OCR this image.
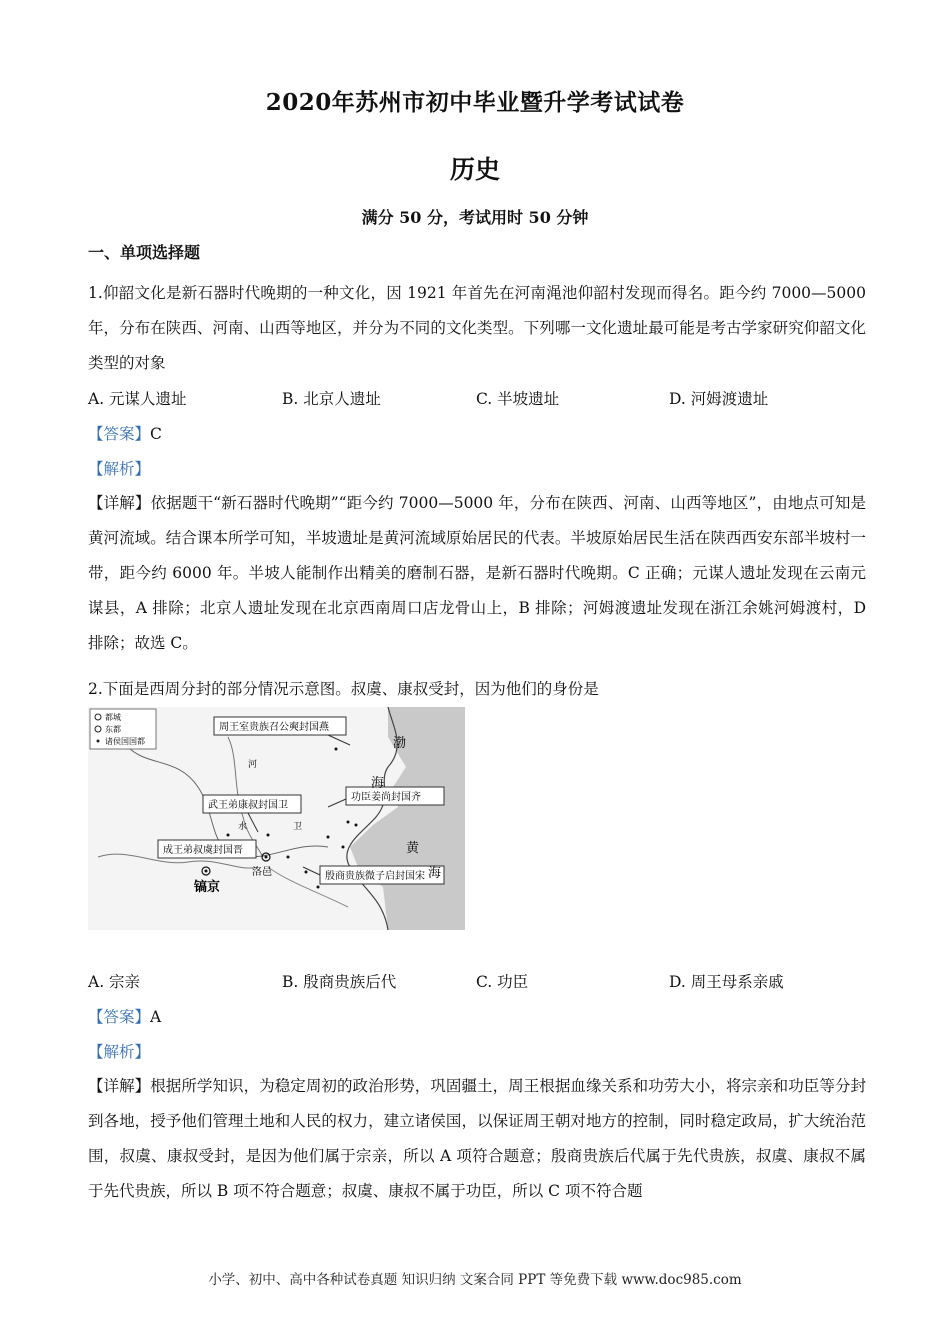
2020年苏州市初中毕业暨升学考试试卷
历史
满分 50 分，考试用时 50 分钟
一、单项选择题
1.仰韶文化是新石器时代晚期的一种文化，因 1921 年首先在河南渑池仰韶村发现而得名。距今约 7000—5000 年，分布在陕西、河南、山西等地区，并分为不同的文化类型。下列哪一文化遗址最可能是考古学家研究仰韶文化类型的对象
A. 元谋人遗址	B. 北京人遗址	C. 半坡遗址	D. 河姆渡遗址
【答案】C
【解析】
【详解】依据题干“新石器时代晚期”“距今约 7000—5000 年，分布在陕西、河南、山西等地区”，由地点可知是黄河流域。结合课本所学可知，半坡遗址是黄河流域原始居民的代表。半坡原始居民生活在陕西西安东部半坡村一带，距今约 6000 年。半坡人能制作出精美的磨制石器，是新石器时代晚期。C 正确；元谋人遗址发现在云南元谋县，A 排除；北京人遗址发现在北京西南周口店龙骨山上，B 排除；河姆渡遗址发现在浙江余姚河姆渡村，D 排除；故选 C。
2.下面是西周分封的部分情况示意图。叔虞、康叔受封，因为他们的身份是
都城
东都
诸侯国国都
周王室贵族召公奭封国燕
武王弟康叔封国卫
功臣姜尚封国齐
成王弟叔虞封国晋
殷商贵族微子启封国宋
洛邑
镐京
渤
海
黄
海
河
水	卫
A. 宗亲	B. 殷商贵族后代	C. 功臣	D. 周王母系亲戚
【答案】A
【解析】
【详解】根据所学知识，为稳定周初的政治形势，巩固疆土，周王根据血缘关系和功劳大小，将宗亲和功臣等分封到各地，授予他们管理土地和人民的权力，建立诸侯国，以保证周王朝对地方的控制，同时稳定政局，扩大统治范围，叔虞、康叔受封，是因为他们属于宗亲，所以 A 项符合题意；殷商贵族后代属于先代贵族，叔虞、康叔不属于先代贵族，所以 B 项不符合题意；叔虞、康叔不属于功臣，所以 C 项不符合题
小学、初中、高中各种试卷真题 知识归纳 文案合同 PPT 等免费下载 www.doc985.com
